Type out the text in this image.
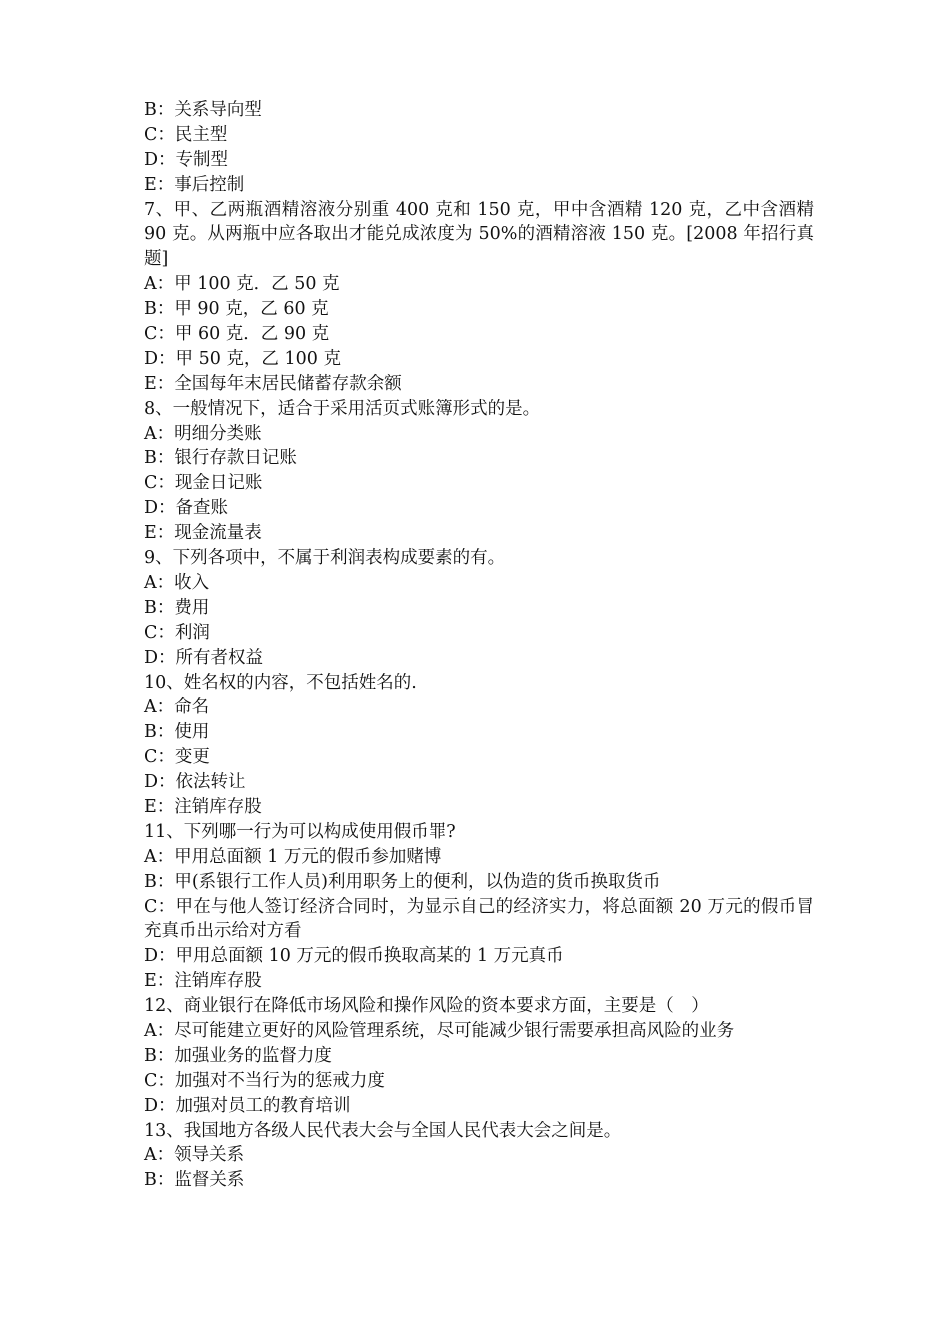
B：关系导向型
C：民主型
D：专制型
E：事后控制
7、甲、乙两瓶酒精溶液分别重 400 克和 150 克，甲中含酒精 120 克，乙中含酒精 90 克。从两瓶中应各取出才能兑成浓度为 50%的酒精溶液 150 克。[2008 年招行真题]
A：甲 100 克．乙 50 克
B：甲 90 克，乙 60 克
C：甲 60 克．乙 90 克
D：甲 50 克，乙 100 克
E：全国每年末居民储蓄存款余额
8、一般情况下，适合于采用活页式账簿形式的是。
A：明细分类账
B：银行存款日记账
C：现金日记账
D：备查账
E：现金流量表
9、下列各项中，不属于利润表构成要素的有。
A：收入
B：费用
C：利润
D：所有者权益
10、姓名权的内容，不包括姓名的.
A：命名
B：使用
C：变更
D：依法转让
E：注销库存股
11、下列哪一行为可以构成使用假币罪?
A：甲用总面额 1 万元的假币参加赌博
B：甲(系银行工作人员)利用职务上的便利，以伪造的货币换取货币
C：甲在与他人签订经济合同时，为显示自己的经济实力，将总面额 20 万元的假币冒充真币出示给对方看
D：甲用总面额 10 万元的假币换取高某的 1 万元真币
E：注销库存股
12、商业银行在降低市场风险和操作风险的资本要求方面，主要是（　）
A：尽可能建立更好的风险管理系统，尽可能减少银行需要承担高风险的业务
B：加强业务的监督力度
C：加强对不当行为的惩戒力度
D：加强对员工的教育培训
13、我国地方各级人民代表大会与全国人民代表大会之间是。
A：领导关系
B：监督关系
